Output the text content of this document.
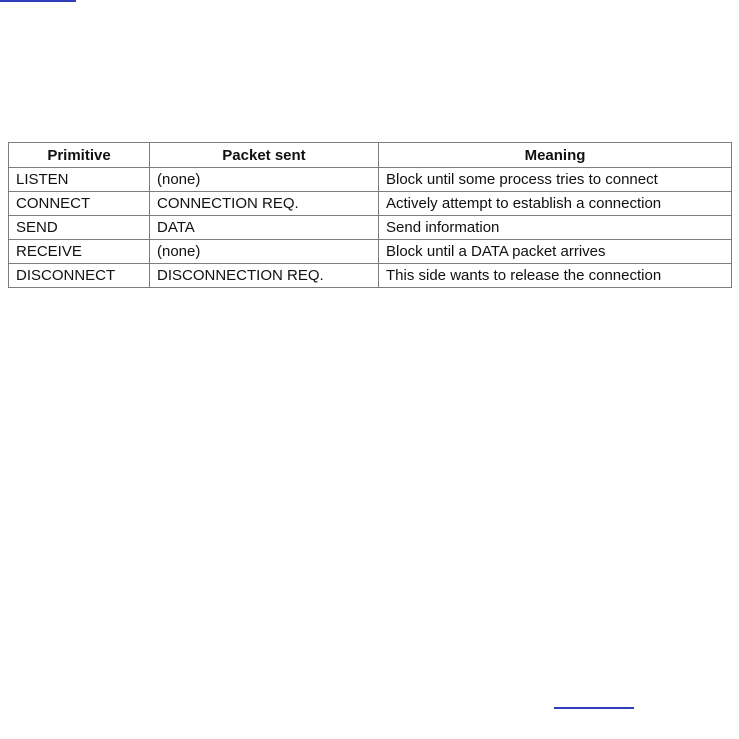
Primitive	Packet sent	Meaning
LISTEN	(none)	Block until some process tries to connect
CONNECT	CONNECTION REQ.	Actively attempt to establish a connection
SEND	DATA	Send information
RECEIVE	(none)	Block until a DATA packet arrives
DISCONNECT	DISCONNECTION REQ.	This side wants to release the connection
